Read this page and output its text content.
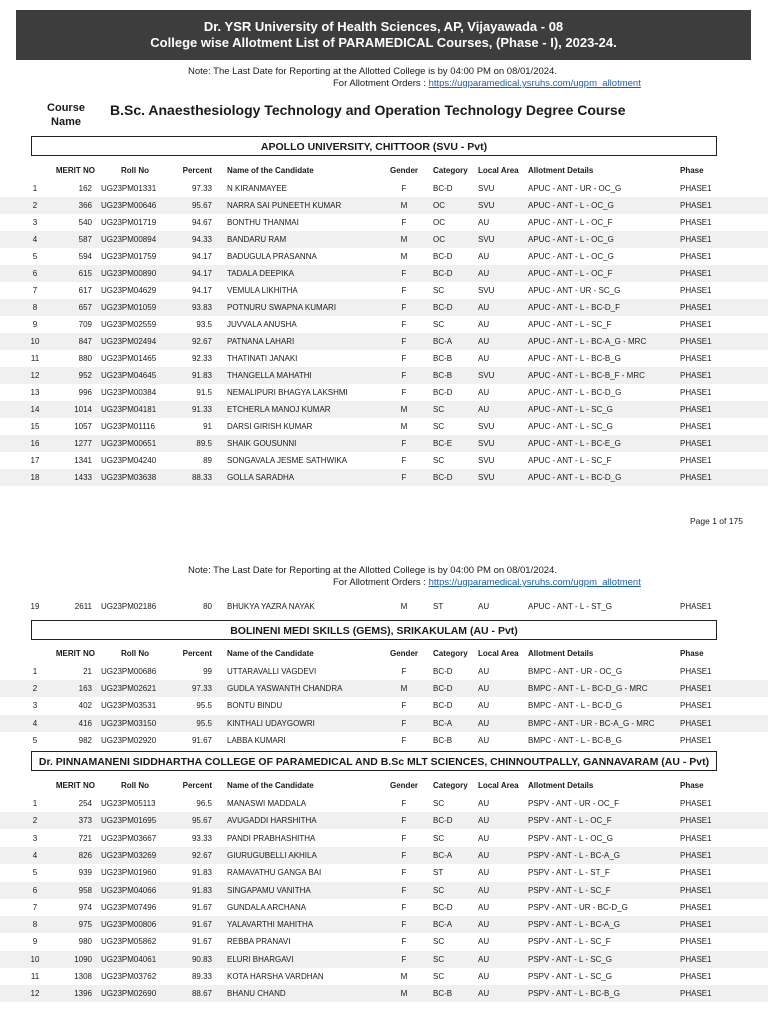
Dr. YSR University of Health Sciences, AP, Vijayawada - 08
College wise Allotment List of PARAMEDICAL Courses, (Phase - I), 2023-24.
Note: The Last Date for Reporting at the Allotted College is by 04:00 PM on 08/01/2024.
For Allotment Orders : https://ugparamedical.ysruhs.com/ugpm_allotment
Course Name
B.Sc. Anaesthesiology Technology and Operation Technology Degree Course
APOLLO UNIVERSITY, CHITTOOR (SVU - Pvt)
MERIT NO	Roll No	Percent Name of the Candidate	Gender Category	Local Area	Allotment Details	Phase
1	162 UG23PM01331	97.33 N KIRANMAYEE	F	BC-D	SVU	APUC - ANT - UR - OC_G	PHASE1
2	366 UG23PM00646	95.67 NARRA SAI PUNEETH KUMAR	M	OC	SVU	APUC - ANT - L - OC_G	PHASE1
3	540 UG23PM01719	94.67 BONTHU THANMAI	F	OC	AU	APUC - ANT - L - OC_F	PHASE1
4	587 UG23PM00894	94.33 BANDARU RAM	M	OC	SVU	APUC - ANT - L - OC_G	PHASE1
5	594 UG23PM01759	94.17 BADUGULA PRASANNA	M	BC-D	AU	APUC - ANT - L - OC_G	PHASE1
6	615 UG23PM00890	94.17 TADALA DEEPIKA	F	BC-D	AU	APUC - ANT - L - OC_F	PHASE1
7	617 UG23PM04629	94.17 VEMULA LIKHITHA	F	SC	SVU	APUC - ANT - UR - SC_G	PHASE1
8	657 UG23PM01059	93.83 POTNURU SWAPNA KUMARI	F	BC-D	AU	APUC - ANT - L - BC-D_F	PHASE1
9	709 UG23PM02559	93.5 JUVVALA ANUSHA	F	SC	AU	APUC - ANT - L - SC_F	PHASE1
10	847 UG23PM02494	92.67 PATNANA LAHARI	F	BC-A	AU	APUC - ANT - L - BC-A_G - MRC	PHASE1
11	880 UG23PM01465	92.33 THATINATI JANAKI	F	BC-B	AU	APUC - ANT - L - BC-B_G	PHASE1
12	952 UG23PM04645	91.83 THANGELLA MAHATHI	F	BC-B	SVU	APUC - ANT - L - BC-B_F - MRC	PHASE1
13	996 UG23PM00384	91.5 NEMALIPURI BHAGYA LAKSHMI	F	BC-D	AU	APUC - ANT - L - BC-D_G	PHASE1
14	1014 UG23PM04181	91.33 ETCHERLA MANOJ KUMAR	M	SC	AU	APUC - ANT - L - SC_G	PHASE1
15	1057 UG23PM01116	91 DARSI GIRISH KUMAR	M	SC	SVU	APUC - ANT - L - SC_G	PHASE1
16	1277 UG23PM00651	89.5 SHAIK GOUSUNNI	F	BC-E	SVU	APUC - ANT - L - BC-E_G	PHASE1
17	1341 UG23PM04240	89 SONGAVALA JESME SATHWIKA	F	SC	SVU	APUC - ANT - L - SC_F	PHASE1
18	1433 UG23PM03638	88.33 GOLLA SARADHA	F	BC-D	SVU	APUC - ANT - L - BC-D_G	PHASE1
Page 1 of 175
Note: The Last Date for Reporting at the Allotted College is by 04:00 PM on 08/01/2024.
For Allotment Orders : https://ugparamedical.ysruhs.com/ugpm_allotment
19	2611 UG23PM02186	80 BHUKYA YAZRA NAYAK	M	ST	AU	APUC - ANT - L - ST_G	PHASE1
BOLINENI MEDI SKILLS (GEMS), SRIKAKULAM (AU - Pvt)
MERIT NO	Roll No	Percent Name of the Candidate	Gender Category	Local Area	Allotment Details	Phase
1	21 UG23PM00686	99 UTTARAVALLI VAGDEVI	F	BC-D	AU	BMPC - ANT - UR - OC_G	PHASE1
2	163 UG23PM02621	97.33 GUDLA YASWANTH CHANDRA	M	BC-D	AU	BMPC - ANT - L - BC-D_G - MRC	PHASE1
3	402 UG23PM03531	95.5 BONTU BINDU	F	BC-D	AU	BMPC - ANT - L - BC-D_G	PHASE1
4	416 UG23PM03150	95.5 KINTHALI UDAYGOWRI	F	BC-A	AU	BMPC - ANT - UR - BC-A_G - MRC	PHASE1
5	982 UG23PM02920	91.67 LABBA KUMARI	F	BC-B	AU	BMPC - ANT - L - BC-B_G	PHASE1
Dr. PINNAMANENI SIDDHARTHA COLLEGE OF PARAMEDICAL AND B.Sc MLT SCIENCES, CHINNOUTPALLY, GANNAVARAM (AU - Pvt)
MERIT NO	Roll No	Percent Name of the Candidate	Gender Category	Local Area	Allotment Details	Phase
1	254 UG23PM05113	96.5 MANASWI MADDALA	F	SC	AU	PSPV - ANT - UR - OC_F	PHASE1
2	373 UG23PM01695	95.67 AVUGADDI HARSHITHA	F	BC-D	AU	PSPV - ANT - L - OC_F	PHASE1
3	721 UG23PM03667	93.33 PANDI PRABHASHITHA	F	SC	AU	PSPV - ANT - L - OC_G	PHASE1
4	826 UG23PM03269	92.67 GIURUGUBELLI AKHILA	F	BC-A	AU	PSPV - ANT - L - BC-A_G	PHASE1
5	939 UG23PM01960	91.83 RAMAVATHU GANGA BAI	F	ST	AU	PSPV - ANT - L - ST_F	PHASE1
6	958 UG23PM04066	91.83 SINGAPAMU VANITHA	F	SC	AU	PSPV - ANT - L - SC_F	PHASE1
7	974 UG23PM07496	91.67 GUNDALA ARCHANA	F	BC-D	AU	PSPV - ANT - UR - BC-D_G	PHASE1
8	975 UG23PM00806	91.67 YALAVARTHI MAHITHA	F	BC-A	AU	PSPV - ANT - L - BC-A_G	PHASE1
9	980 UG23PM05862	91.67 REBBA PRANAVI	F	SC	AU	PSPV - ANT - L - SC_F	PHASE1
10	1090 UG23PM04061	90.83 ELURI BHARGAVI	F	SC	AU	PSPV - ANT - L - SC_G	PHASE1
11	1308 UG23PM03762	89.33 KOTA HARSHA VARDHAN	M	SC	AU	PSPV - ANT - L - SC_G	PHASE1
12	1396 UG23PM02690	88.67 BHANU CHAND	M	BC-B	AU	PSPV - ANT - L - BC-B_G	PHASE1
